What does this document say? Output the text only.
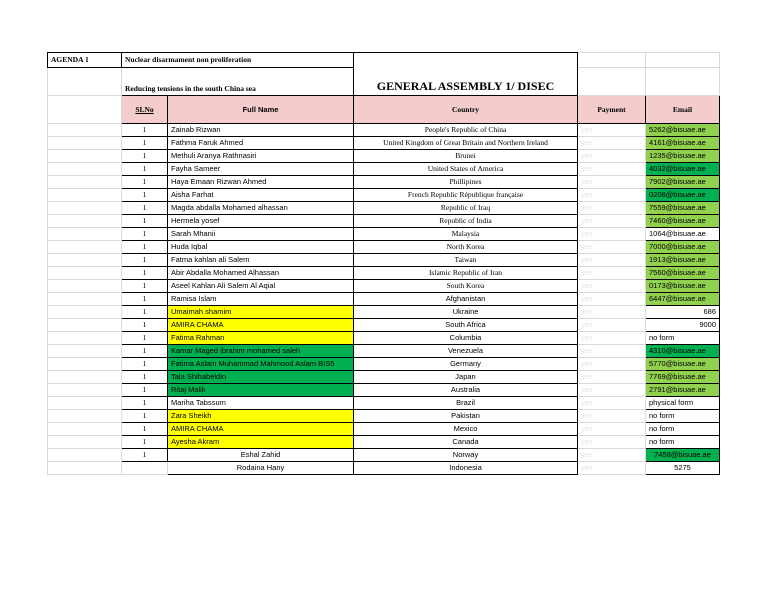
AGENDA 1	Nuclear disarmament non proliferation		GENERAL ASSEMBLY 1/ DISEC		
	Reducing tensions in the south China sea				
	SLNo	Full Name	Country	Payment	Email
	1	Zainab Rizwan	People's Republic of China	yes	5262@bisuae.ae
	1	Fathma Faruk Ahmed	United Kingdom of Great Britain and Northern Ireland	yes	4161@bisuae.ae
	1	Methuli Aranya Rathnasiri	Brunei	yes	1235@bisuae.ae
	1	Fayha Sameer	United States of America	yes	4032@bisuae.ae
	1	Haya Emaan Rizwan Ahmed	Phillipines	yes	7902@bisuae.ae
	1	Aisha Farhat	French Republic République française	yes	0208@bisuae.ae
	1	Magda abdalla Mohamed alhassan	Republic of Iraq	yes	7559@bisuae.ae
	1	Hermela yosef	Republic of India	yes	7460@bisuae.ae
	1	Sarah Mhanii	Malaysia	yes	1064@bisuae.ae
	1	Huda Iqbal	North Korea	yes	7000@bisuae.ae
	1	Fatma kahlan ali Salem	Taiwan	yes	1913@bisuae.ae
	1	Abir Abdalla Mohamed Alhassan	Islamic Republic of Iran	yes	7560@bisuae.ae
	1	Aseel Kahlan Ali Salem Al Aqial	South Korea	yes	0173@bisuae.ae
	1	Ramisa Islam	Afghanistan	yes	6447@bisuae.ae
	1	Umaimah shamim	Ukraine	yes	686
	1	AMIRA CHAMA	South Africa	yes	9000
	1	Fatima Rahman	Columbia	yes	no form
	1	Kamar Maged ibrahim mohamed saleh	Venezuela	yes	4310@bisuae.ae
	1	Fatima Aslam Muhammad Mahmood Aslam BIS5	Germany	yes	5770@bisuae.ae
	1	Tala Shihabeldin	Japan	yes	7769@bisuae.ae
	1	Ritaj Malik	Australia	yes	2791@bisuae.ae
	1	Mariha Tabssum	Brazil	yes	physical form
	1	Zara Sheikh	Pakistan	yes	no form
	1	AMIRA CHAMA	Mexico	yes	no form
	1	Ayesha Akram	Canada	yes	no form
	1	Eshal Zahid	Norway	yes	7458@bisuae.ae
		Rodaina Hany	Indonesia	yes	5275
